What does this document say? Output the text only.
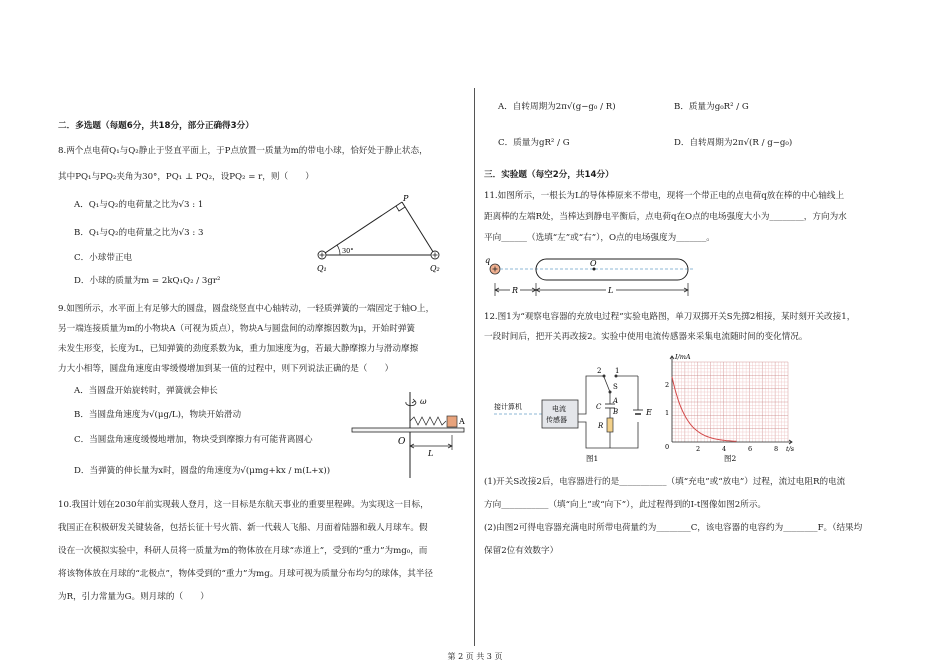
二．多选题（每题6分，共18分，部分正确得3分）
8.两个点电荷Q₁与Q₂静止于竖直平面上，于P点放置一质量为m的带电小球，恰好处于静止状态，
其中PQ₁与PQ₂夹角为30°，PQ₁ ⊥ PQ₂，设PQ₂ = r，则（　　）
A．Q₁与Q₂的电荷量之比为√3 : 1
B．Q₁与Q₂的电荷量之比为√3 : 3
C．小球带正电
D．小球的质量为m = 2kQ₁Q₂ / 3gr²
P
30°
Q₁	Q₂
9.如图所示，水平面上有足够大的圆盘，圆盘绕竖直中心轴转动，一轻质弹簧的一端固定于轴O上，
另一端连接质量为m的小物块A（可视为质点），物块A与圆盘间的动摩擦因数为μ，开始时弹簧
未发生形变，长度为L，已知弹簧的劲度系数为k，重力加速度为g，若最大静摩擦力与滑动摩擦
力大小相等，圆盘角速度由零缓慢增加到某一值的过程中，则下列说法正确的是（　　）
A．当圆盘开始旋转时，弹簧就会伸长
B．当圆盘角速度为√(μg/L)，物块开始滑动
C．当圆盘角速度缓慢地增加，物块受到摩擦力有可能背离圆心
D．当弹簧的伸长量为x时，圆盘的角速度为√(μmg+kx / m(L+x))
ω
A
O
L
10.我国计划在2030年前实现载人登月，这一目标是东航天事业的重要里程碑。为实现这一目标，
我国正在积极研发关键装备，包括长征十号火箭、新一代载人飞船、月面着陆器和载人月球车。假
设在一次模拟实验中，科研人员将一质量为m的物体放在月球“赤道上”，受到的“重力”为mg₀，而
将该物体放在月球的“北极点”，物体受到的“重力”为mg。月球可视为质量分布均匀的球体，其半径
为R，引力常量为G。则月球的（　　）
A．自转周期为2π√(g−g₀ / R)	B．质量为g₀R² / G
C．质量为gR² / G	D．自转周期为2π√(R / g−g₀)
三．实验题（每空2分，共14分）
11.如图所示，一根长为L的导体棒原来不带电，现将一个带正电的点电荷q放在棒的中心轴线上
距离棒的左端R处，当棒达到静电平衡后，点电荷q在O点的电场强度大小为________，方向为水
平向______（选填“左”或“右”），O点的电场强度为_______。
q	O
R	L
12.图1为“观察电容器的充放电过程”实验电路图，单刀双掷开关S先掷2相接，某时刻开关改接1，
一段时间后，把开关再改接2。实验中使用电流传感器来采集电流随时间的变化情况。
接计算机	电流
传感器
E
2 1
S
A
B
C
R
图1
I/mA
t/s
0
2
1
2	4	6	8
图2
(1)开关S改接2后，电容器进行的是___________（填“充电”或“放电”）过程，流过电阻R的电流
方向___________（填“向上”或“向下”），此过程得到的I-t图像如图2所示。
(2)由图2可得电容器充满电时所带电荷量约为________C，该电容器的电容约为________F。（结果均
保留2位有效数字）
第 2 页 共 3 页
